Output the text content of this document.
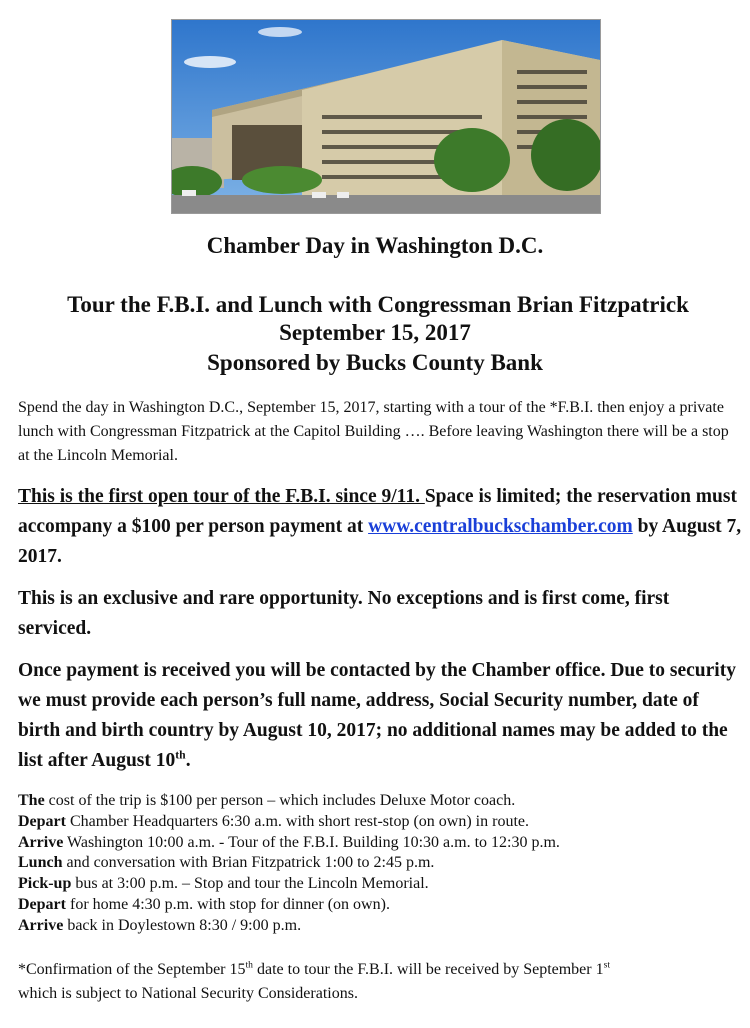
Chamber Day in Washington D.C.
Tour the F.B.I. and Lunch with Congressman Brian Fitzpatrick
September 15, 2017
Sponsored by Bucks County Bank

Spend the day in Washington D.C., September 15, 2017, starting with a tour of the *F.B.I. then enjoy a private lunch with Congressman Fitzpatrick at the Capitol Building …. Before leaving Washington there will be a stop at the Lincoln Memorial.

This is the first open tour of the F.B.I. since 9/11. Space is limited; the reservation must accompany a $100 per person payment at www.centralbuckschamber.com by August 7, 2017.

This is an exclusive and rare opportunity. No exceptions and is first come, first serviced.

Once payment is received you will be contacted by the Chamber office. Due to security we must provide each person’s full name, address, Social Security number, date of birth and birth country by August 10, 2017; no additional names may be added to the list after August 10th.

The cost of the trip is $100 per person – which includes Deluxe Motor coach.
Depart Chamber Headquarters 6:30 a.m. with short rest-stop (on own) in route.
Arrive Washington 10:00 a.m. - Tour of the F.B.I. Building 10:30 a.m. to 12:30 p.m.
Lunch and conversation with Brian Fitzpatrick 1:00 to 2:45 p.m.
Pick-up bus at 3:00 p.m. – Stop and tour the Lincoln Memorial.
Depart for home 4:30 p.m. with stop for dinner (on own).
Arrive back in Doylestown 8:30 / 9:00 p.m.

*Confirmation of the September 15th date to tour the F.B.I. will be received by September 1st
which is subject to National Security Considerations.
